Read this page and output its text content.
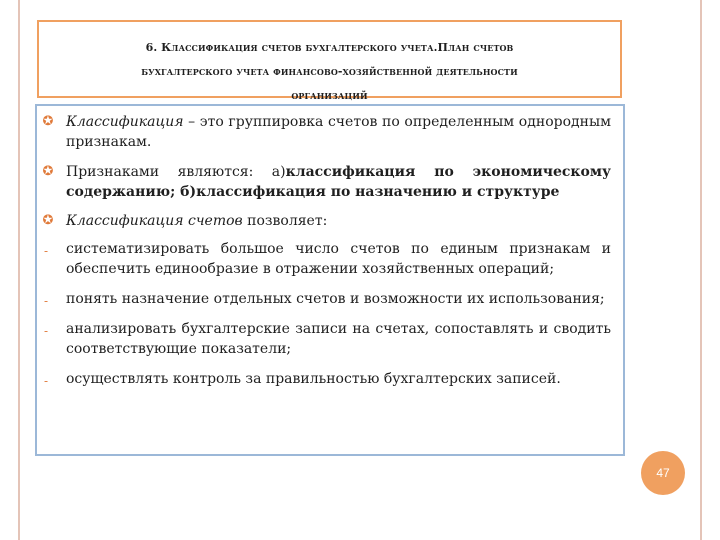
6. Классификация счетов бухгалтерского учета.План счетов
бухгалтерского учета финансово-хозяйственной деятельности
организаций
✪ Классификация – это группировка счетов по определенным однородным признакам.
✪ Признаками являются: а)классификация по экономическому содержанию; б)классификация по назначению и структуре
✪ Классификация счетов позволяет:
-	систематизировать большое число счетов по единым признакам и обеспечить единообразие в отражении хозяйственных операций;
-	понять назначение отдельных счетов и возможности их использования;
-	анализировать бухгалтерские записи на счетах, сопоставлять и сводить соответствующие показатели;
-	осуществлять контроль за правильностью бухгалтерских записей.
47
